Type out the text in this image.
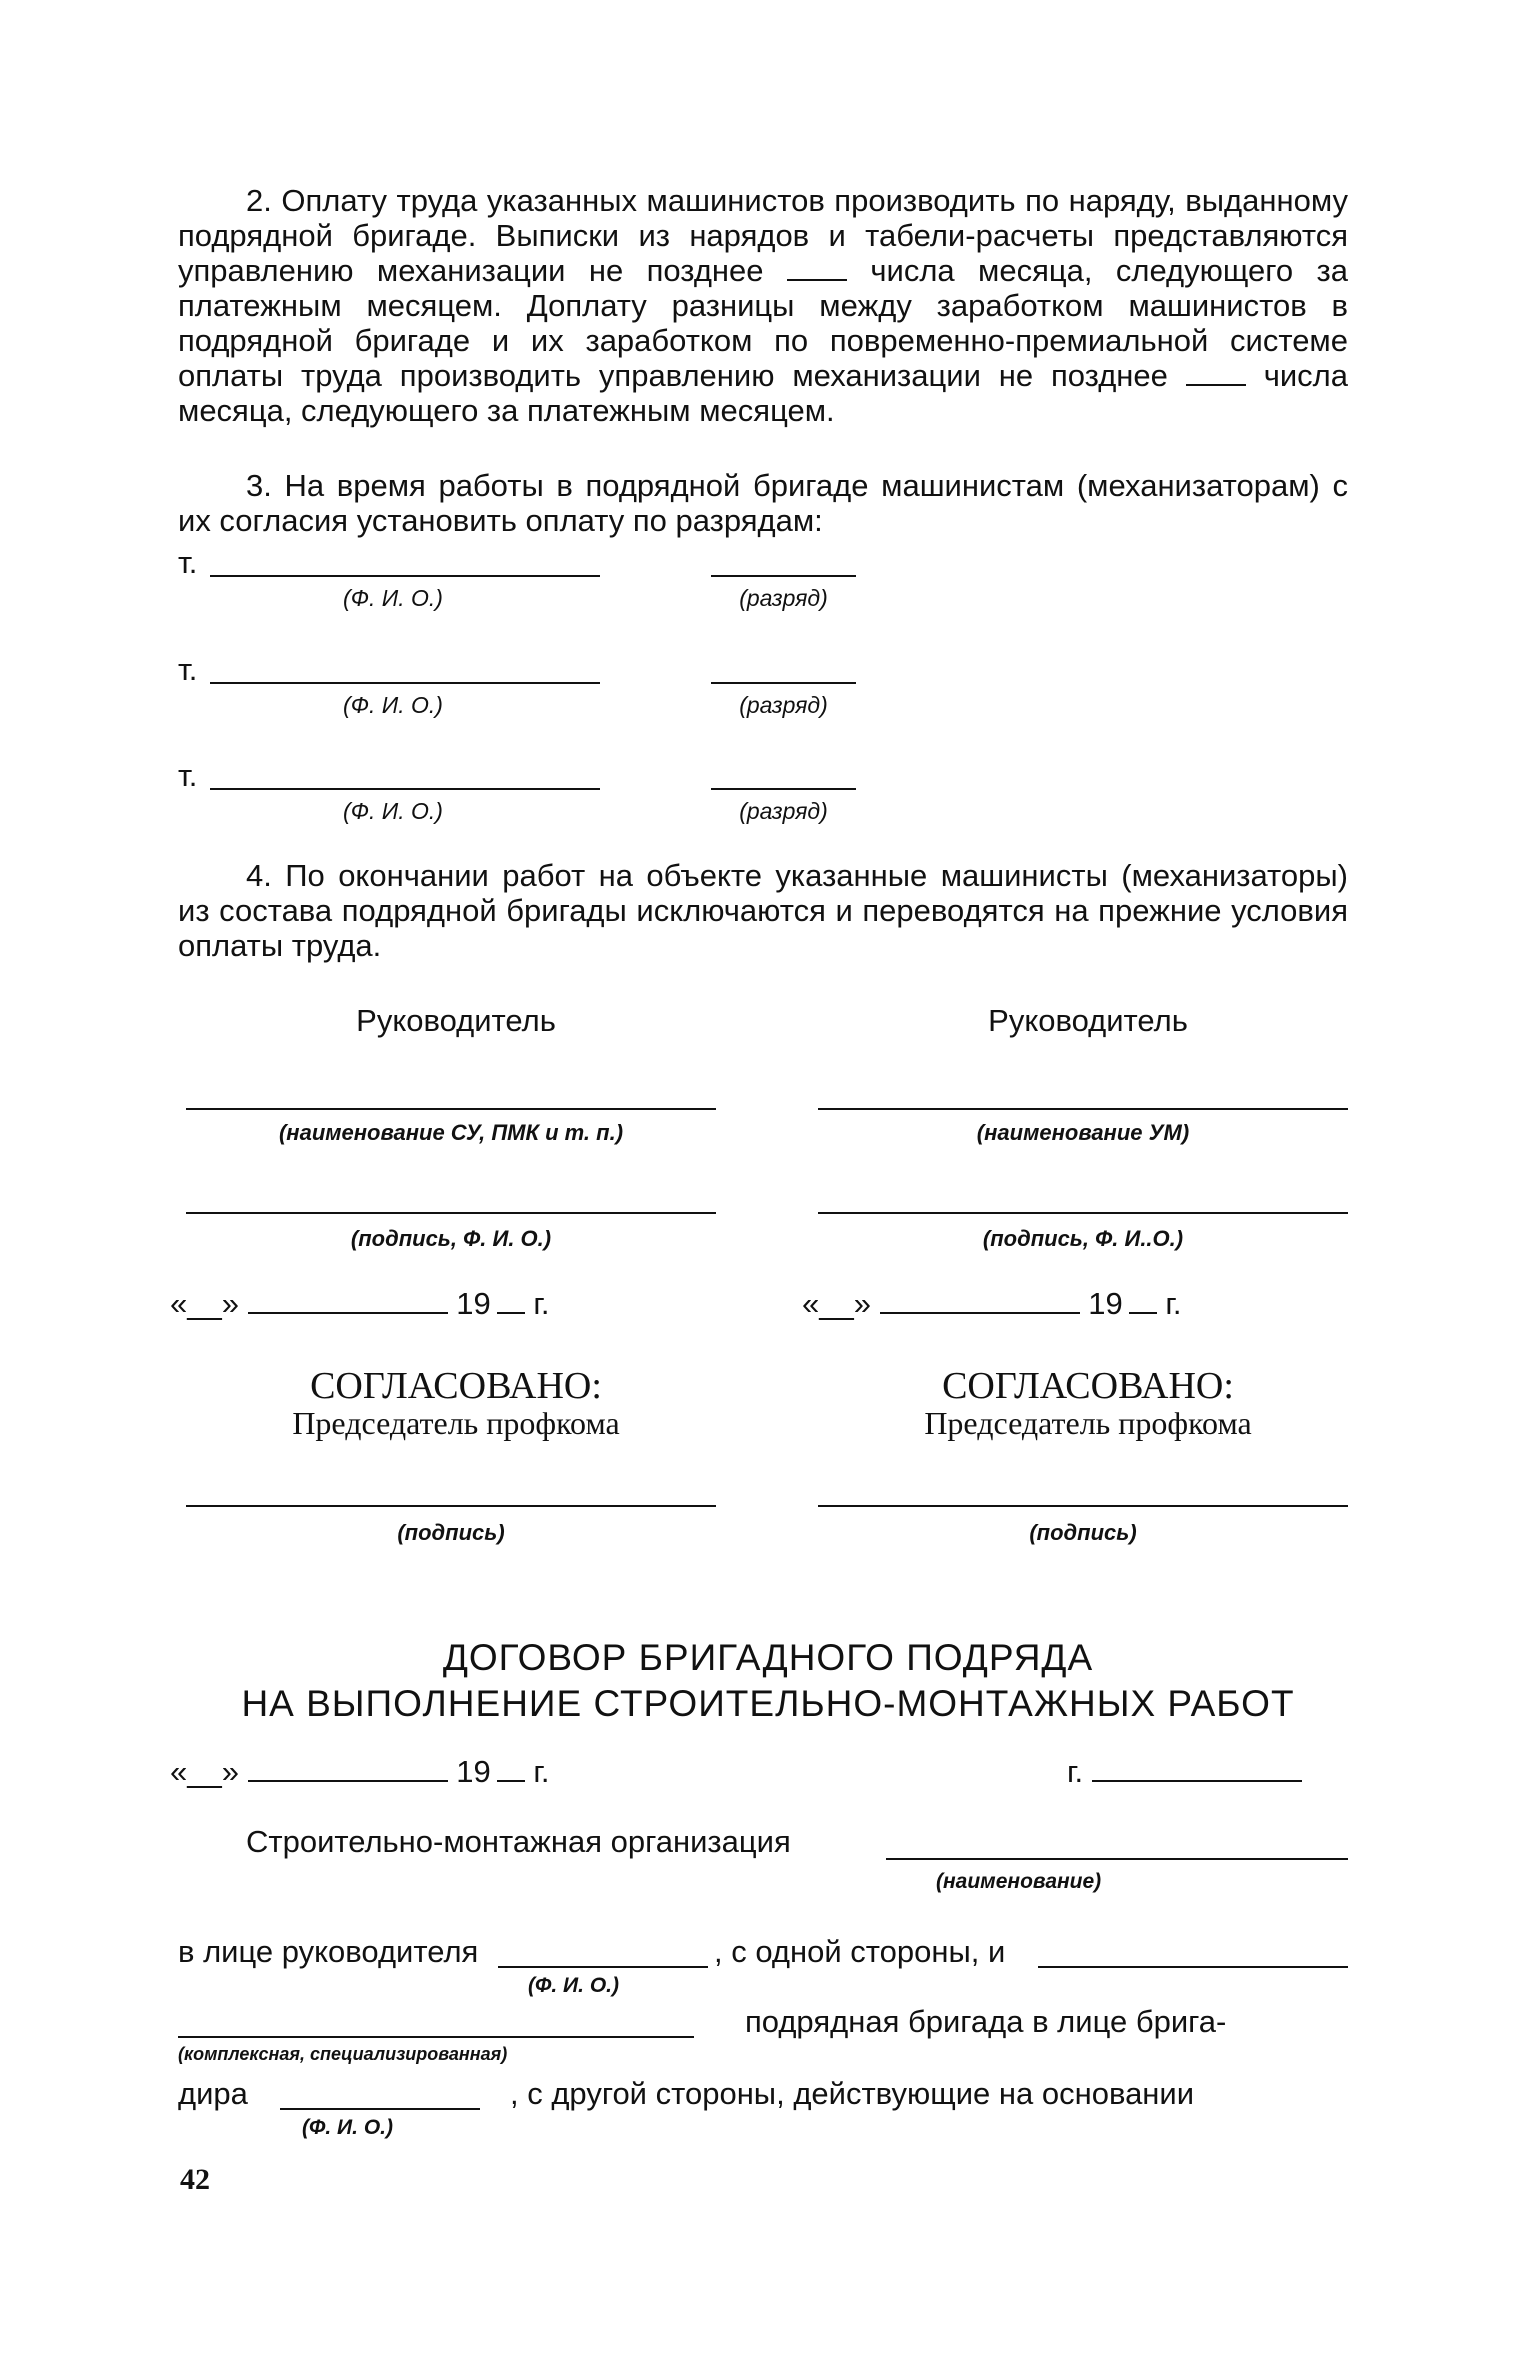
2. Оплату труда указанных машинистов производить по наряду, выданному подрядной бригаде. Выписки из нарядов и табели-расчеты представляются управлению механизации не позднее	числа месяца, следующего за платежным месяцем. Доплату разницы между заработком машинистов в подрядной бригаде и их заработком по повременно-премиальной системе оплаты труда производить управлению механизации не позднее	числа месяца, следующего за платежным месяцем.
3. На время работы в подрядной бригаде машинистам (механизаторам) с их согласия установить оплату по разрядам:
т.
(Ф. И. О.)	(разряд)
т.
(Ф. И. О.)	(разряд)
т.
(Ф. И. О.)	(разряд)
4. По окончании работ на объекте указанные машинисты (механизаторы) из состава подрядной бригады исключаются и переводятся на прежние условия оплаты труда.
Руководитель
(наименование СУ, ПМК и т. п.)
(подпись, Ф. И. О.)
«__»	19 г.
СОГЛАСОВАНО:
Председатель профкома
(подпись)
Руководитель
(наименование УМ)
(подпись, Ф. И..О.)
«__»	19 г.
СОГЛАСОВАНО:
Председатель профкома
(подпись)
ДОГОВОР БРИГАДНОГО ПОДРЯДА
НА ВЫПОЛНЕНИЕ СТРОИТЕЛЬНО-МОНТАЖНЫХ РАБОТ
«__»	19 г.	г.
Строительно-монтажная организация
(наименование)
в лице руководителя	, с одной стороны, и
(Ф. И. О.)
подрядная бригада в лице брига-
(комплексная, специализированная)
дира	, с другой стороны, действующие на основании
(Ф. И. О.)
42
